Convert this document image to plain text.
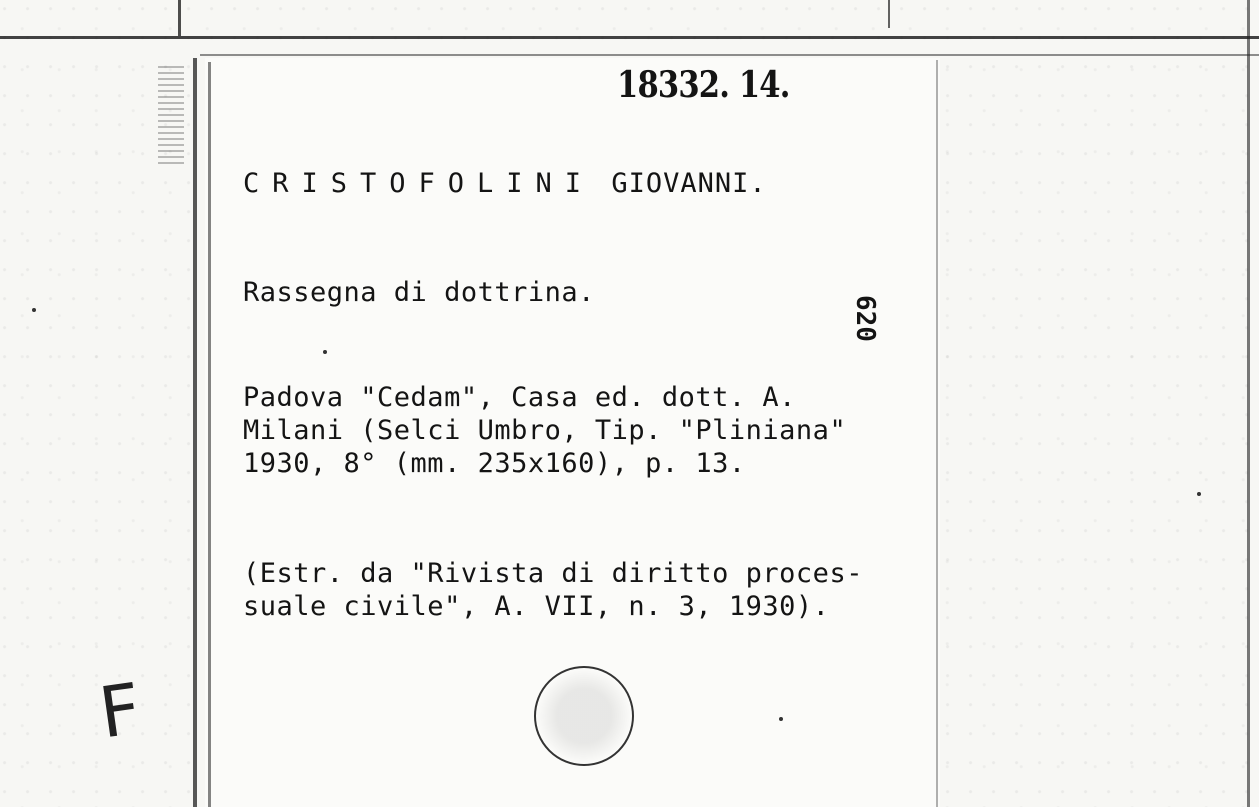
18332. 14.
CRISTOFOLINI GIOVANNI.
Rassegna di dottrina.
620
Padova "Cedam", Casa ed. dott. A.
Milani (Selci Umbro, Tip. "Pliniana"
1930, 8° (mm. 235x160), p. 13.
(Estr. da "Rivista di diritto proces-
suale civile", A. VII, n. 3, 1930).
F
